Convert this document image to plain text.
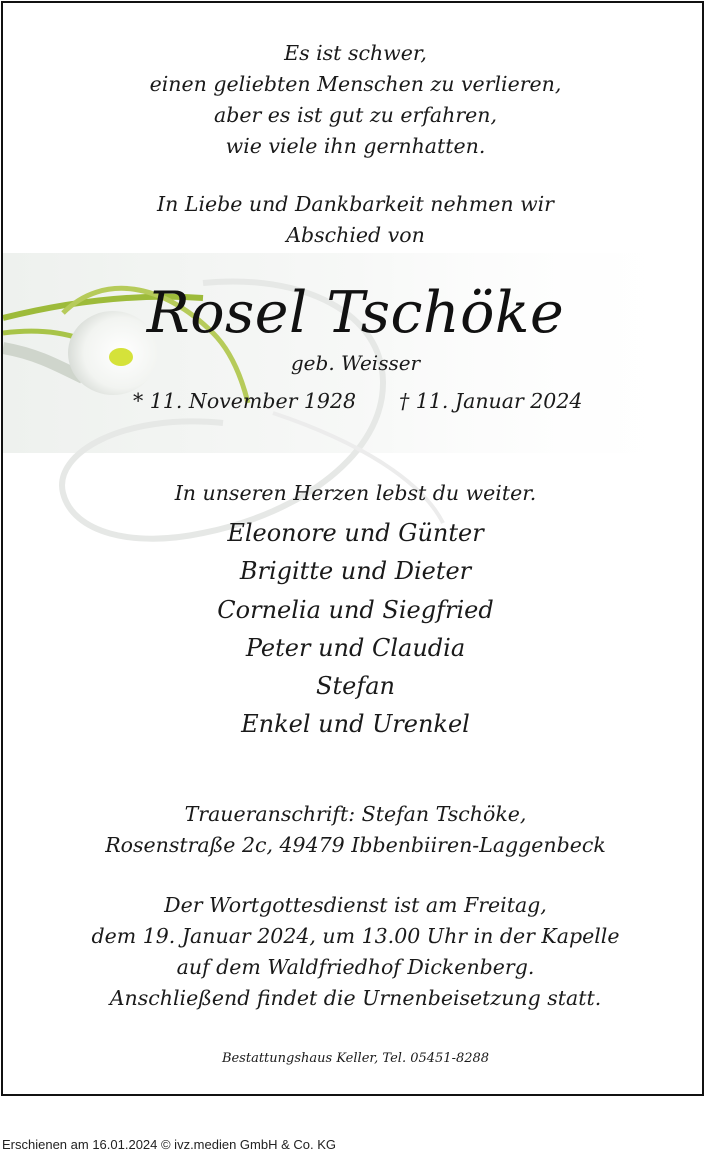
Es ist schwer,
einen geliebten Menschen zu verlieren,
aber es ist gut zu erfahren,
wie viele ihn gernhatten.
In Liebe und Dankbarkeit nehmen wir
Abschied von
Rosel Tschöke
geb. Weisser
* 11. November 1928 † 11. Januar 2024
In unseren Herzen lebst du weiter.
Eleonore und Günter
Brigitte und Dieter
Cornelia und Siegfried
Peter und Claudia
Stefan
Enkel und Urenkel
Traueranschrift: Stefan Tschöke,
Rosenstraße 2c, 49479 Ibbenbiiren-Laggenbeck
Der Wortgottesdienst ist am Freitag,
dem 19. Januar 2024, um 13.00 Uhr in der Kapelle
auf dem Waldfriedhof Dickenberg.
Anschließend findet die Urnenbeisetzung statt.
Bestattungshaus Keller, Tel. 05451-8288
Erschienen am 16.01.2024 © ivz.medien GmbH & Co. KG
